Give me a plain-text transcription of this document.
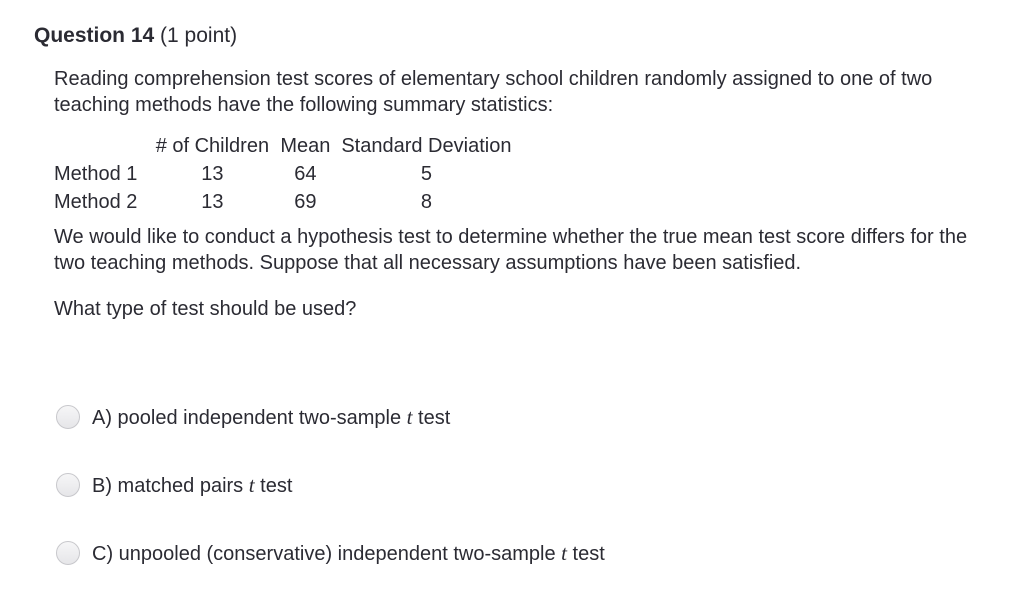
Question 14 (1 point)

Reading comprehension test scores of elementary school children randomly assigned to one of two teaching methods have the following summary statistics:

	# of Children	Mean	Standard Deviation
Method 1	13	64	5
Method 2	13	69	8

We would like to conduct a hypothesis test to determine whether the true mean test score differs for the two teaching methods. Suppose that all necessary assumptions have been satisfied.

What type of test should be used?

A) pooled independent two-sample t test
B) matched pairs t test
C) unpooled (conservative) independent two-sample t test
